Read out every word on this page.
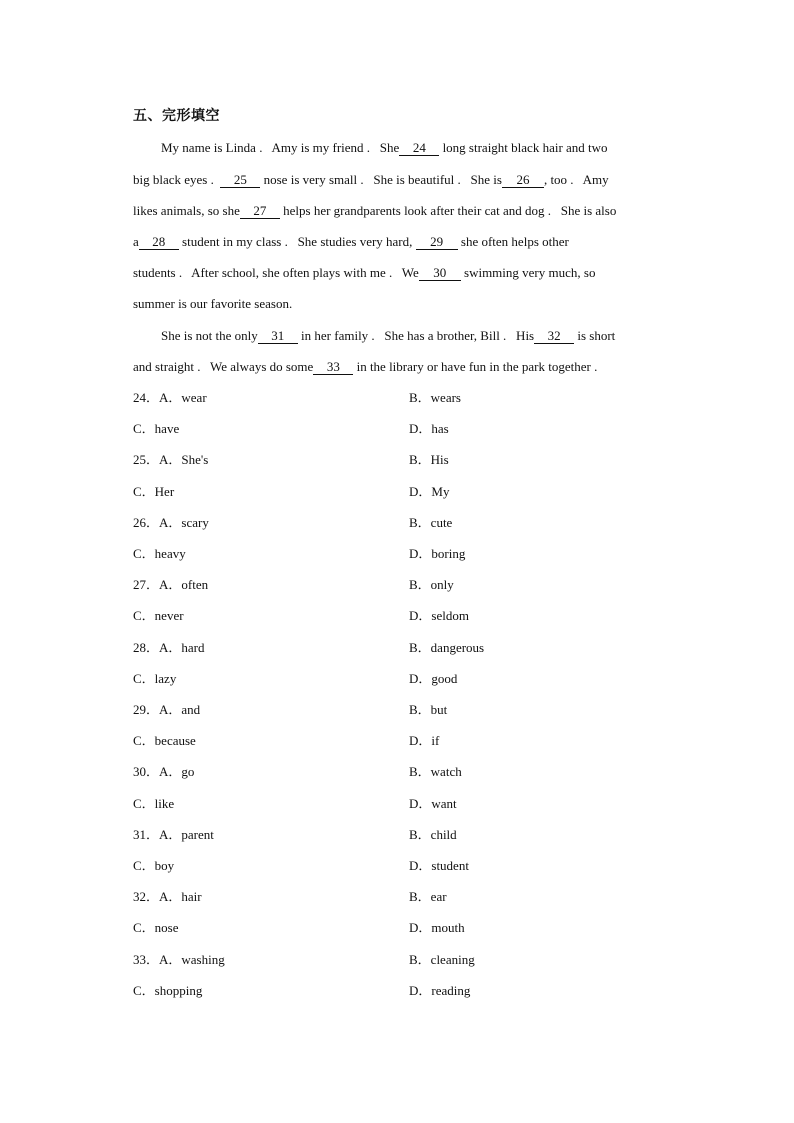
五、完形填空
My name is Linda .   Amy is my friend .   She 24 long straight black hair and two
big black eyes .  25 nose is very small .   She is beautiful .   She is 26 , too .   Amy
likes animals, so she 27 helps her grandparents look after their cat and dog .   She is also
a 28 student in my class .   She studies very hard, 29 she often helps other
students .   After school, she often plays with me .   We 30 swimming very much, so
summer is our favorite season.
She is not the only 31 in her family .   She has a brother, Bill .   His 32 is short
and straight .   We always do some 33 in the library or have fun in the park together .
24．A．wear	B．wears
C．have	D．has
25．A．She's	B．His
C．Her	D．My
26．A．scary	B．cute
C．heavy	D．boring
27．A．often	B．only
C．never	D．seldom
28．A．hard	B．dangerous
C．lazy	D．good
29．A．and	B．but
C．because	D．if
30．A．go	B．watch
C．like	D．want
31．A．parent	B．child
C．boy	D．student
32．A．hair	B．ear
C．nose	D．mouth
33．A．washing	B．cleaning
C．shopping	D．reading
